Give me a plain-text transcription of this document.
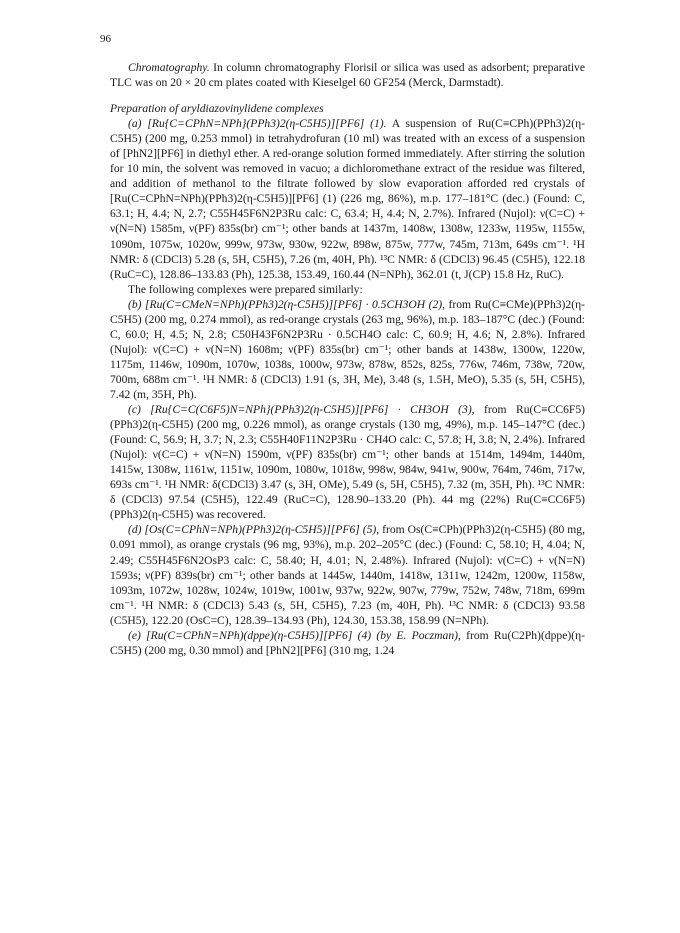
96

Chromatography. In column chromatography Florisil or silica was used as adsorbent; preparative TLC was on 20 × 20 cm plates coated with Kieselgel 60 GF254 (Merck, Darmstadt).

Preparation of aryldiazovinylidene complexes

(a) [Ru{C=CPhN=NPh}(PPh3)2(η-C5H5)][PF6] (1). A suspension of Ru(C≡CPh)(PPh3)2(η-C5H5) (200 mg, 0.253 mmol) in tetrahydrofuran (10 ml) was treated with an excess of a suspension of [PhN2][PF6] in diethyl ether. A red-orange solution formed immediately. After stirring the solution for 10 min, the solvent was removed in vacuo; a dichloromethane extract of the residue was filtered, and addition of methanol to the filtrate followed by slow evaporation afforded red crystals of [Ru(C=CPhN=NPh)(PPh3)2(η-C5H5)][PF6] (1) (226 mg, 86%), m.p. 177–181°C (dec.) (Found: C, 63.1; H, 4.4; N, 2.7; C55H45F6N2P3Ru calc: C, 63.4; H, 4.4; N, 2.7%). Infrared (Nujol): ν(C=C) + ν(N=N) 1585m, ν(PF) 835s(br) cm⁻¹; other bands at 1437m, 1408w, 1308w, 1233w, 1195w, 1155w, 1090m, 1075w, 1020w, 999w, 973w, 930w, 922w, 898w, 875w, 777w, 745m, 713m, 649s cm⁻¹. ¹H NMR: δ (CDCl3) 5.28 (s, 5H, C5H5), 7.26 (m, 40H, Ph). ¹³C NMR: δ (CDCl3) 96.45 (C5H5), 122.18 (RuC=C), 128.86–133.83 (Ph), 125.38, 153.49, 160.44 (N=NPh), 362.01 (t, J(CP) 15.8 Hz, RuC).

The following complexes were prepared similarly:

(b) [Ru(C=CMeN=NPh)(PPh3)2(η-C5H5)][PF6] · 0.5CH3OH (2), from Ru(C≡CMe)(PPh3)2(η-C5H5) (200 mg, 0.274 mmol), as red-orange crystals (263 mg, 96%), m.p. 183–187°C (dec.) (Found: C, 60.0; H, 4.5; N, 2.8; C50H43F6N2P3Ru · 0.5CH4O calc: C, 60.9; H, 4.6; N, 2.8%). Infrared (Nujol): ν(C=C) + ν(N=N) 1608m; ν(PF) 835s(br) cm⁻¹; other bands at 1438w, 1300w, 1220w, 1175m, 1146w, 1090m, 1070w, 1038s, 1000w, 973w, 878w, 852s, 825s, 776w, 746m, 738w, 720w, 700m, 688m cm⁻¹. ¹H NMR: δ (CDCl3) 1.91 (s, 3H, Me), 3.48 (s, 1.5H, MeO), 5.35 (s, 5H, C5H5), 7.42 (m, 35H, Ph).

(c) [Ru{C=C(C6F5)N=NPh}(PPh3)2(η-C5H5)][PF6] · CH3OH (3), from Ru(C≡CC6F5)(PPh3)2(η-C5H5) (200 mg, 0.226 mmol), as orange crystals (130 mg, 49%), m.p. 145–147°C (dec.) (Found: C, 56.9; H, 3.7; N, 2.3; C55H40F11N2P3Ru · CH4O calc: C, 57.8; H, 3.8; N, 2.4%). Infrared (Nujol): ν(C=C) + ν(N=N) 1590m, ν(PF) 835s(br) cm⁻¹; other bands at 1514m, 1494m, 1440m, 1415w, 1308w, 1161w, 1151w, 1090m, 1080w, 1018w, 998w, 984w, 941w, 900w, 764m, 746m, 717w, 693s cm⁻¹. ¹H NMR: δ(CDCl3) 3.47 (s, 3H, OMe), 5.49 (s, 5H, C5H5), 7.32 (m, 35H, Ph). ¹³C NMR: δ (CDCl3) 97.54 (C5H5), 122.49 (RuC=C), 128.90–133.20 (Ph). 44 mg (22%) Ru(C≡CC6F5)(PPh3)2(η-C5H5) was recovered.

(d) [Os(C=CPhN=NPh)(PPh3)2(η-C5H5)][PF6] (5), from Os(C≡CPh)(PPh3)2(η-C5H5) (80 mg, 0.091 mmol), as orange crystals (96 mg, 93%), m.p. 202–205°C (dec.) (Found: C, 58.10; H, 4.04; N, 2.49; C55H45F6N2OsP3 calc: C, 58.40; H, 4.01; N, 2.48%). Infrared (Nujol): ν(C=C) + ν(N=N) 1593s; ν(PF) 839s(br) cm⁻¹; other bands at 1445w, 1440m, 1418w, 1311w, 1242m, 1200w, 1158w, 1093m, 1072w, 1028w, 1024w, 1019w, 1001w, 937w, 922w, 907w, 779w, 752w, 748w, 718m, 699m cm⁻¹. ¹H NMR: δ (CDCl3) 5.43 (s, 5H, C5H5), 7.23 (m, 40H, Ph). ¹³C NMR: δ (CDCl3) 93.58 (C5H5), 122.20 (OsC=C), 128.39–134.93 (Ph), 124.30, 153.38, 158.99 (N=NPh).

(e) [Ru(C=CPhN=NPh)(dppe)(η-C5H5)][PF6] (4) (by E. Poczman), from Ru(C2Ph)(dppe)(η-C5H5) (200 mg, 0.30 mmol) and [PhN2][PF6] (310 mg, 1.24
